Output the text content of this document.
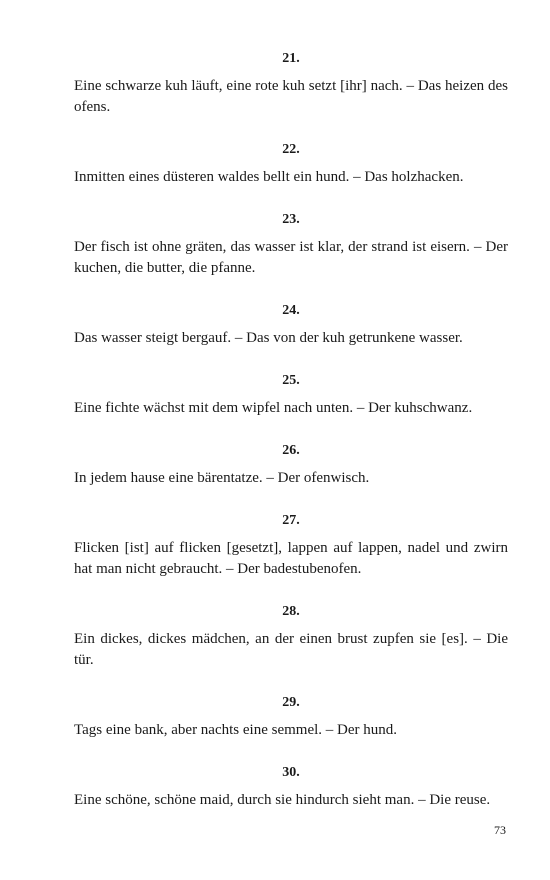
21.

Eine schwarze kuh läuft, eine rote kuh setzt [ihr] nach. – Das heizen des ofens.

22.

Inmitten eines düsteren waldes bellt ein hund. – Das holzhacken.

23.

Der fisch ist ohne gräten, das wasser ist klar, der strand ist eisern. – Der kuchen, die butter, die pfanne.

24.

Das wasser steigt bergauf. – Das von der kuh getrunkene wasser.

25.

Eine fichte wächst mit dem wipfel nach unten. – Der kuhschwanz.

26.

In jedem hause eine bärentatze. – Der ofenwisch.

27.

Flicken [ist] auf flicken [gesetzt], lappen auf lappen, nadel und zwirn hat man nicht gebraucht. – Der badestubenofen.

28.

Ein dickes, dickes mädchen, an der einen brust zupfen sie [es]. – Die tür.

29.

Tags eine bank, aber nachts eine semmel. – Der hund.

30.

Eine schöne, schöne maid, durch sie hindurch sieht man. – Die reuse.

73
